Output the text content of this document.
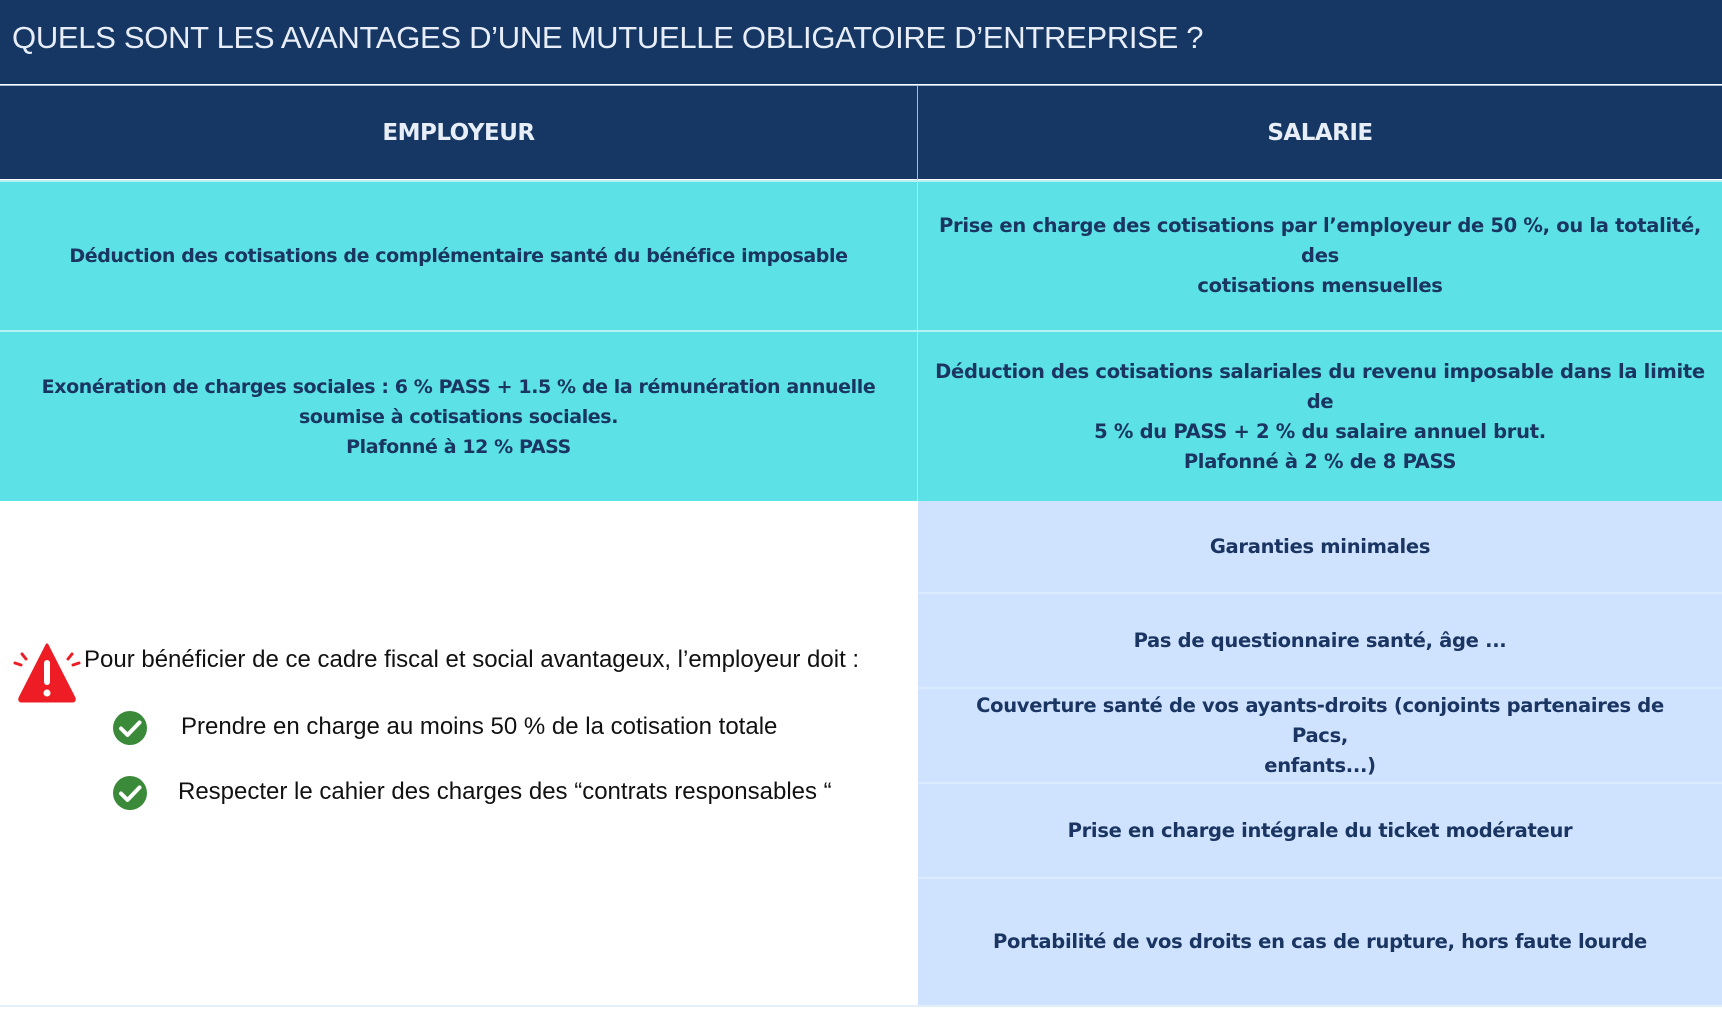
QUELS SONT LES AVANTAGES D’UNE MUTUELLE OBLIGATOIRE D’ENTREPRISE ?
EMPLOYEUR	SALARIE
Déduction des cotisations de complémentaire santé du bénéfice imposable
Prise en charge des cotisations par l’employeur de 50 %, ou la totalité, des
cotisations mensuelles
Exonération de charges sociales : 6 % PASS + 1.5 % de la rémunération annuelle
soumise à cotisations sociales.
Plafonné à 12 % PASS
Déduction des cotisations salariales du revenu imposable dans la limite de
5 % du PASS + 2 % du salaire annuel brut.
Plafonné à 2 % de 8 PASS
Pour bénéficier de ce cadre fiscal et social avantageux, l’employeur doit :
Prendre en charge au moins 50 % de la cotisation totale
Respecter le cahier des charges des “contrats responsables “
Garanties minimales
Pas de questionnaire santé, âge ...
Couverture santé de vos ayants-droits (conjoints partenaires de Pacs,
enfants...)
Prise en charge intégrale du ticket modérateur
Portabilité de vos droits en cas de rupture, hors faute lourde
